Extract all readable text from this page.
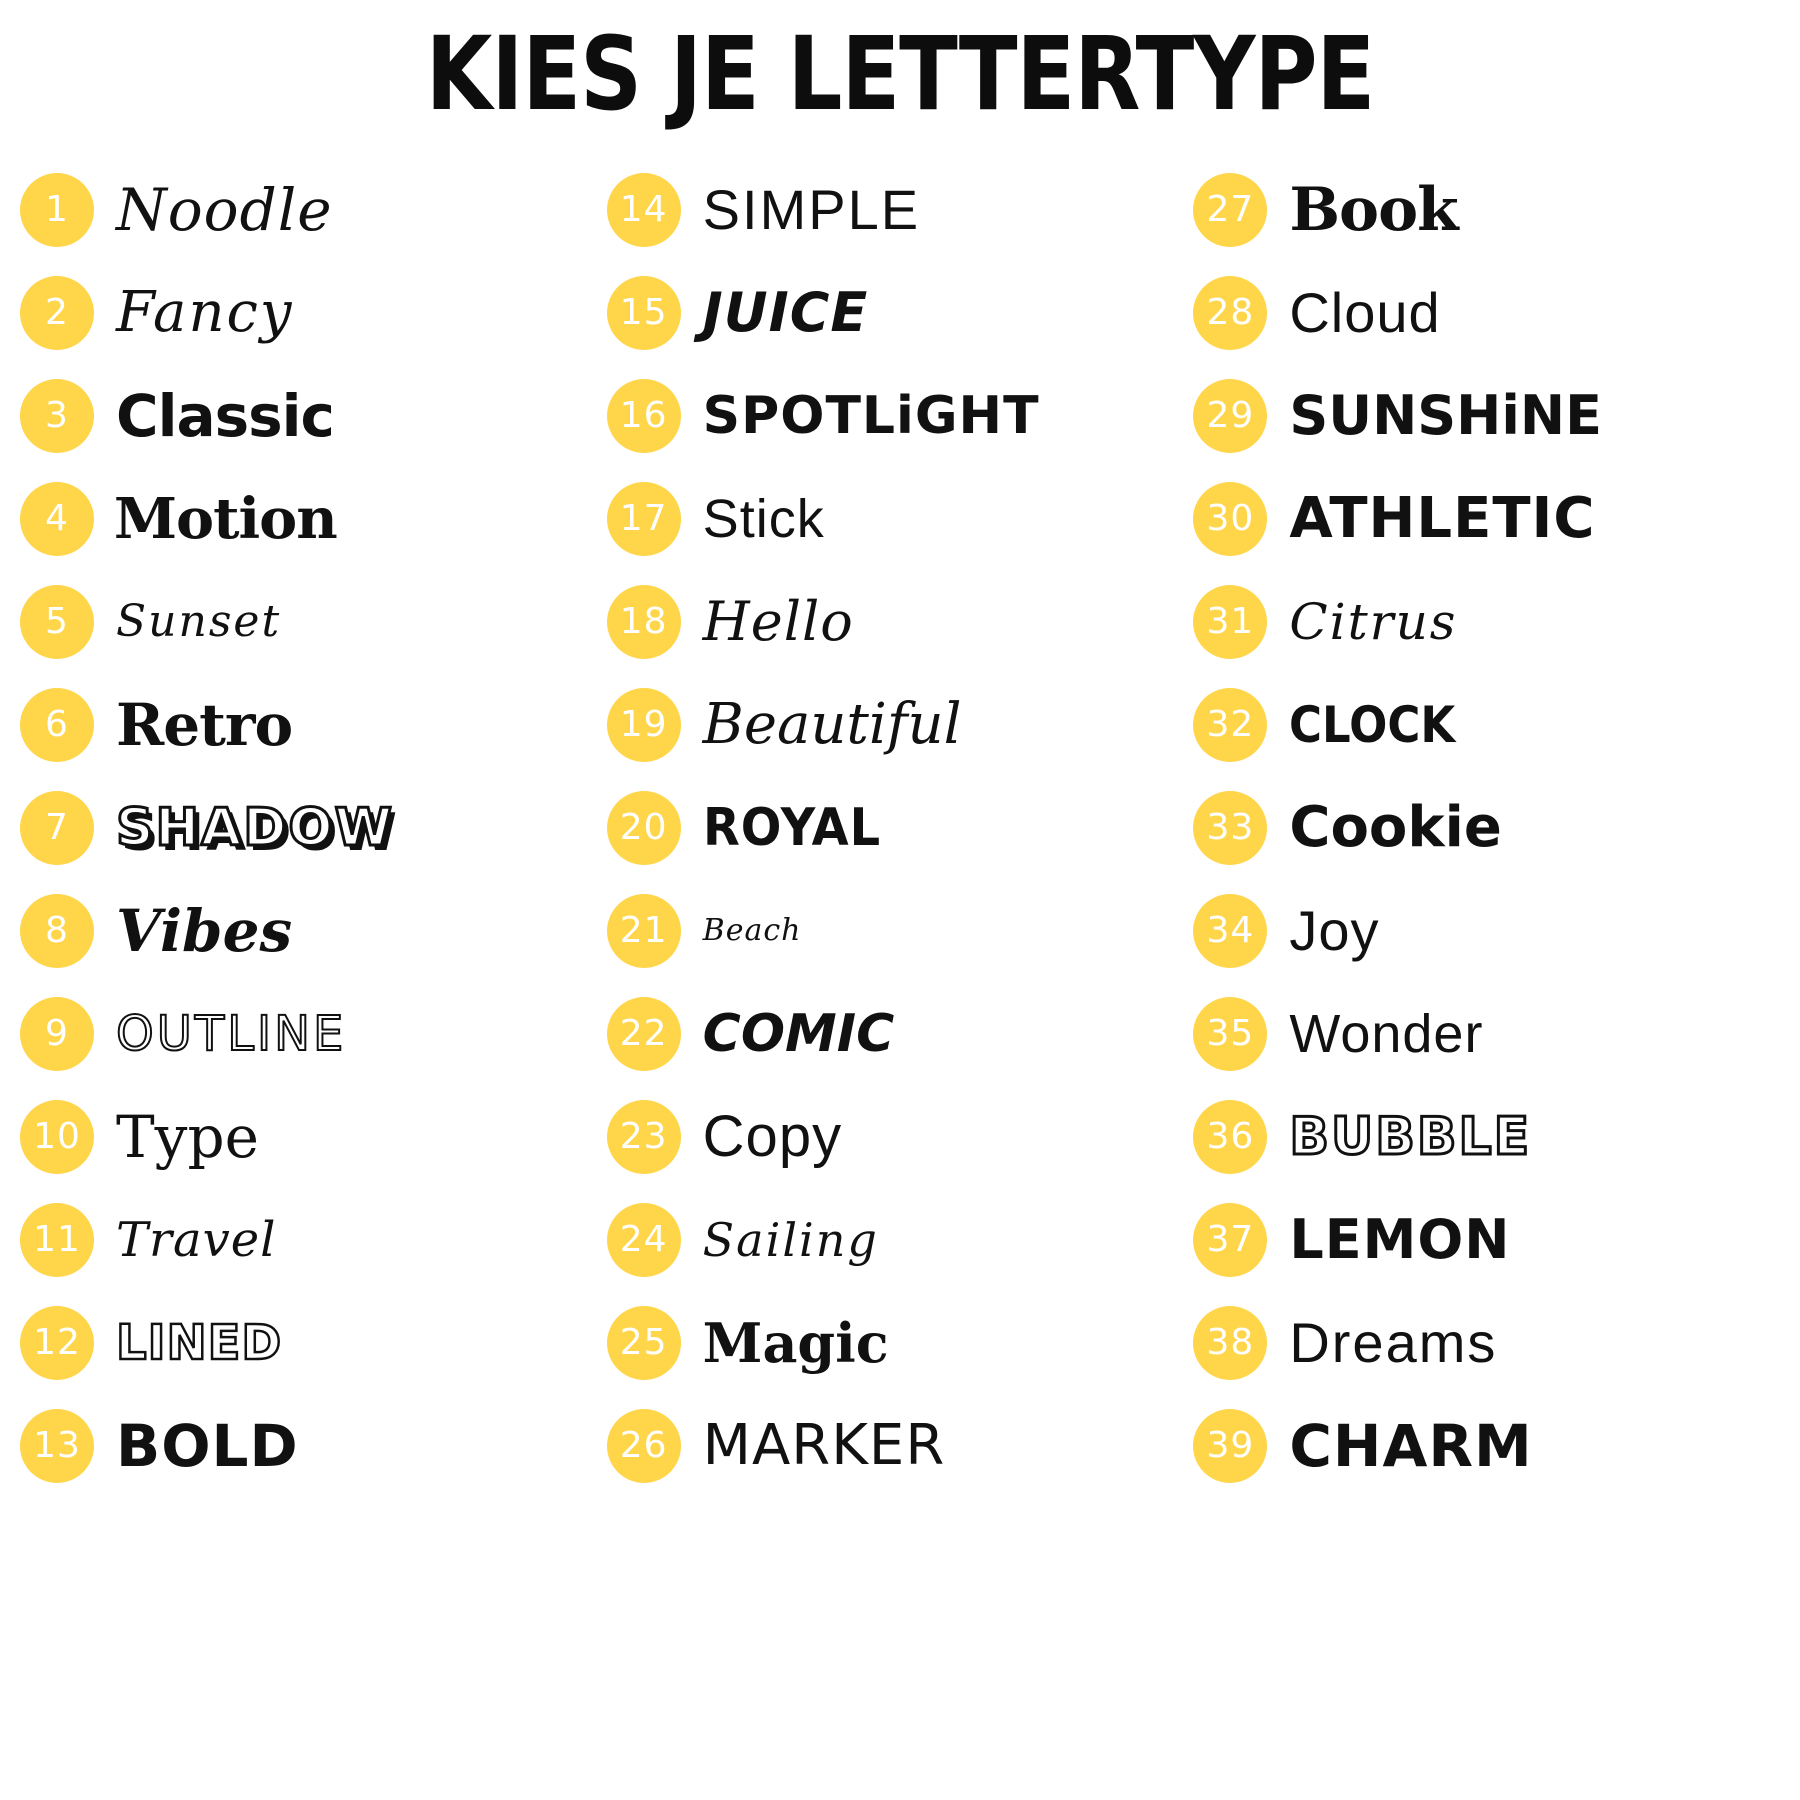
KIES JE LETTERTYPE
1 Noodle
2 Fancy
3 Classic
4 Motion
5	Sunset
6 Retro
7 SHADOW
8 Vibes
9 OUTLINE
10 Type
11 Travel
12 LINED
13 BOLD
14 SIMPLE
15 JUICE
16 SPOTLiGHT
17 Stick
18 Hello
19 Beautiful
20 ROYAL
21	Beach
22 COMIC
23 Copy
24 Sailing
25 Magic
26 MARKER
27 Book
28 Cloud
29 SUNSHiNE
30 ATHLETIC
31 Citrus
32 CLOCK
33 Cookie
34 Joy
35 Wonder
36 BUBBLE
37 LEMON
38 Dreams
39 CHARM
